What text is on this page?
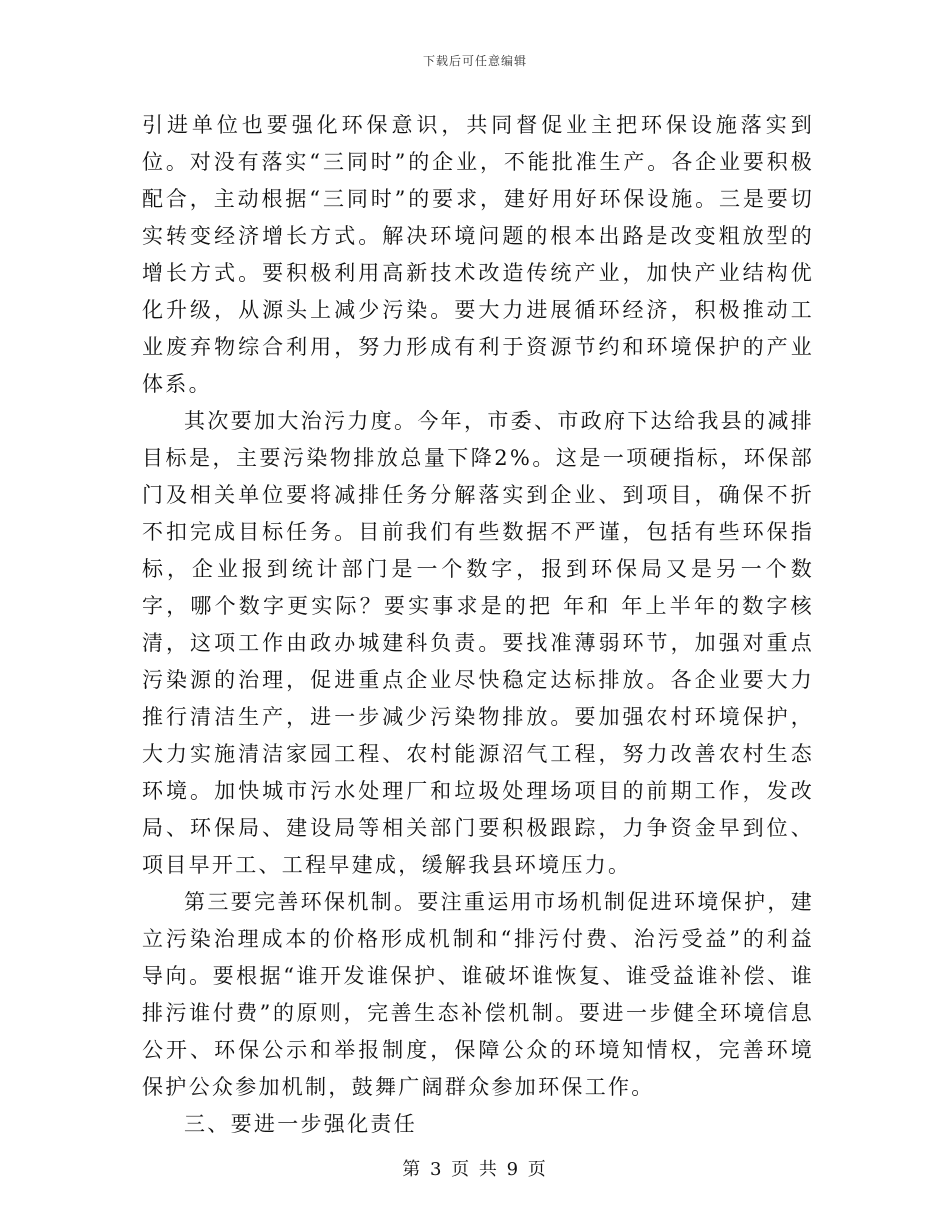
下载后可任意编辑

引进单位也要强化环保意识，共同督促业主把环保设施落实到位。对没有落实“三同时”的企业，不能批准生产。各企业要积极配合，主动根据“三同时”的要求，建好用好环保设施。三是要切实转变经济增长方式。解决环境问题的根本出路是改变粗放型的增长方式。要积极利用高新技术改造传统产业，加快产业结构优化升级，从源头上减少污染。要大力进展循环经济，积极推动工业废弃物综合利用，努力形成有利于资源节约和环境保护的产业体系。

其次要加大治污力度。今年，市委、市政府下达给我县的减排目标是，主要污染物排放总量下降2%。这是一项硬指标，环保部门及相关单位要将减排任务分解落实到企业、到项目，确保不折不扣完成目标任务。目前我们有些数据不严谨，包括有些环保指标，企业报到统计部门是一个数字，报到环保局又是另一个数字，哪个数字更实际？要实事求是的把 年和 年上半年的数字核清，这项工作由政办城建科负责。要找准薄弱环节，加强对重点污染源的治理，促进重点企业尽快稳定达标排放。各企业要大力推行清洁生产，进一步减少污染物排放。要加强农村环境保护，大力实施清洁家园工程、农村能源沼气工程，努力改善农村生态环境。加快城市污水处理厂和垃圾处理场项目的前期工作，发改局、环保局、建设局等相关部门要积极跟踪，力争资金早到位、项目早开工、工程早建成，缓解我县环境压力。

第三要完善环保机制。要注重运用市场机制促进环境保护，建立污染治理成本的价格形成机制和“排污付费、治污受益”的利益导向。要根据“谁开发谁保护、谁破坏谁恢复、谁受益谁补偿、谁排污谁付费”的原则，完善生态补偿机制。要进一步健全环境信息公开、环保公示和举报制度，保障公众的环境知情权，完善环境保护公众参加机制，鼓舞广阔群众参加环保工作。

三、要进一步强化责任

第 3 页 共 9 页
